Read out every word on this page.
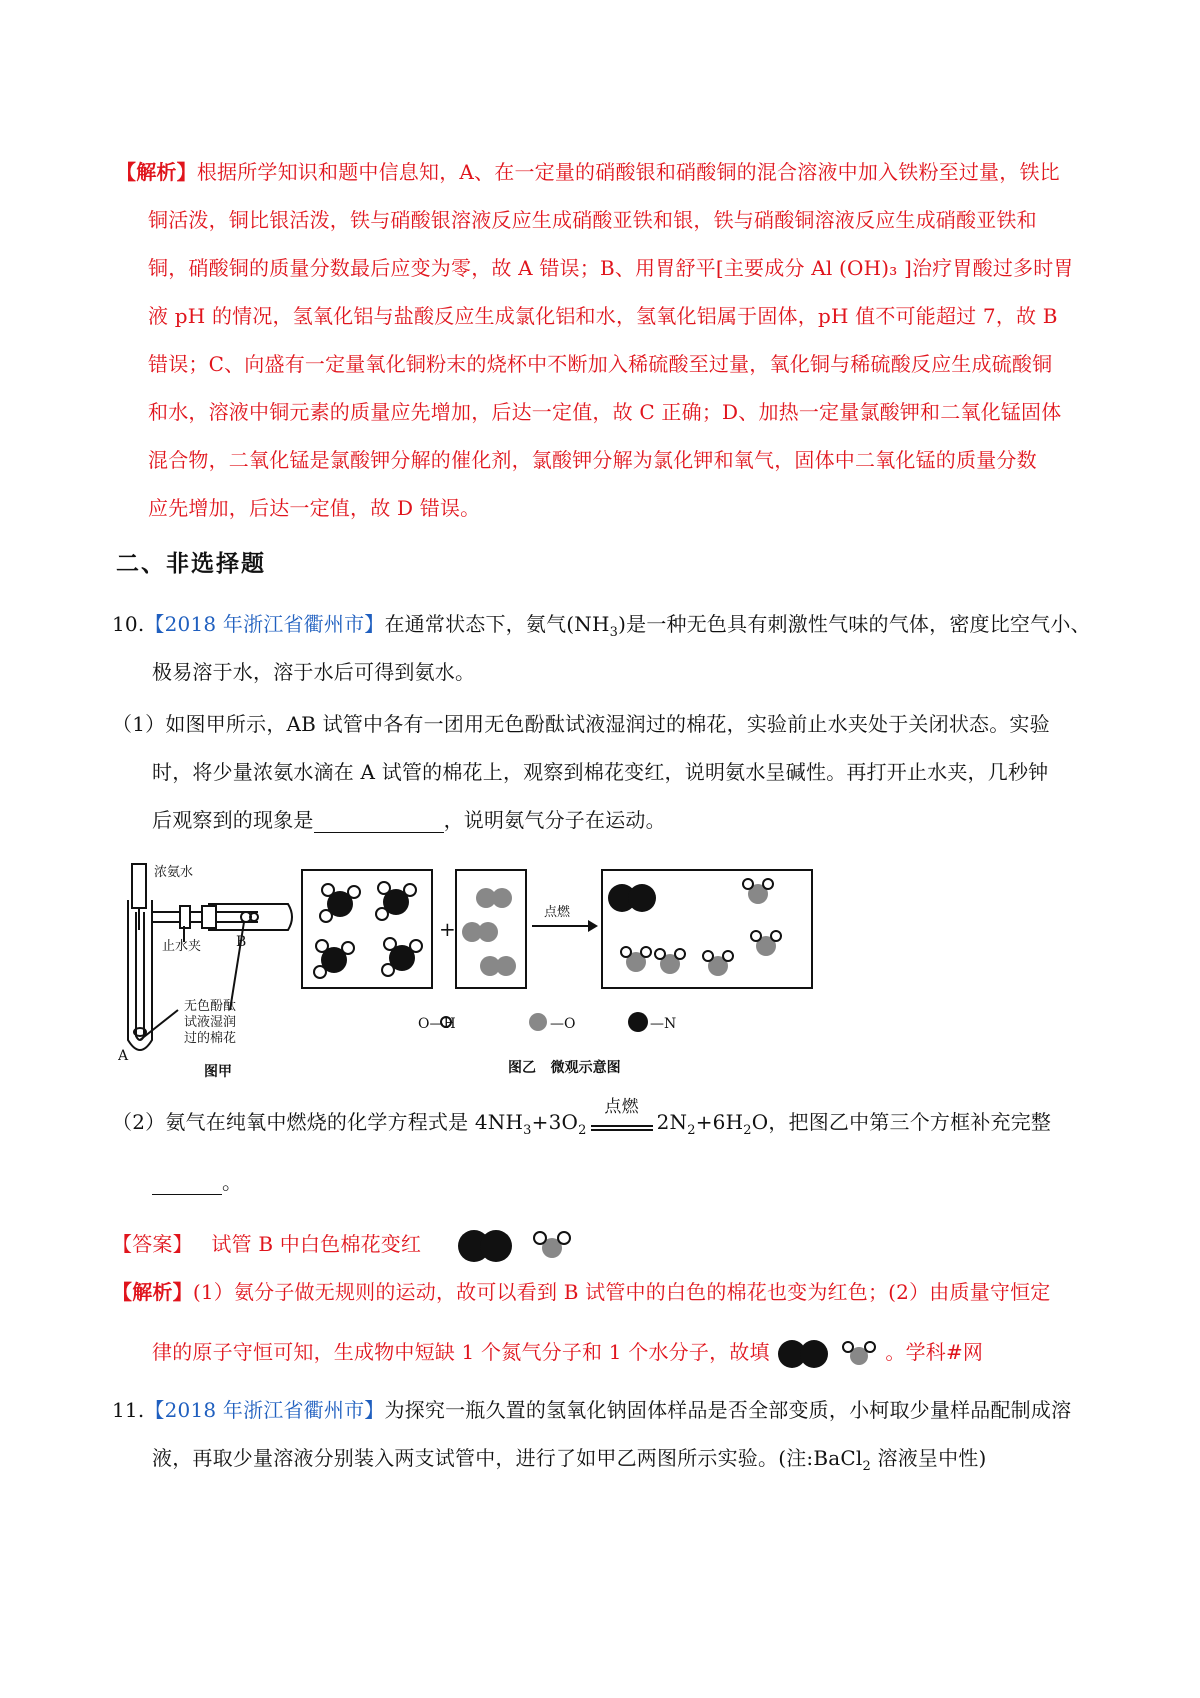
【解析】根据所学知识和题中信息知，A、在一定量的硝酸银和硝酸铜的混合溶液中加入铁粉至过量，铁比
铜活泼，铜比银活泼，铁与硝酸银溶液反应生成硝酸亚铁和银，铁与硝酸铜溶液反应生成硝酸亚铁和
铜，硝酸铜的质量分数最后应变为零，故 A 错误；B、用胃舒平[主要成分 Al (OH)₃ ]治疗胃酸过多时胃
液 pH 的情况，氢氧化铝与盐酸反应生成氯化铝和水，氢氧化铝属于固体，pH 值不可能超过 7，故 B
错误；C、向盛有一定量氧化铜粉末的烧杯中不断加入稀硫酸至过量，氧化铜与稀硫酸反应生成硫酸铜
和水，溶液中铜元素的质量应先增加，后达一定值，故 C 正确；D、加热一定量氯酸钾和二氧化锰固体
混合物，二氧化锰是氯酸钾分解的催化剂，氯酸钾分解为氯化钾和氧气，固体中二氧化锰的质量分数
应先增加，后达一定值，故 D 错误。
二、非选择题
10.【2018 年浙江省衢州市】在通常状态下，氨气$(NH_3)$是一种无色具有刺激性气味的气体，密度比空气小、
极易溶于水，溶于水后可得到氨水。
（1）如图甲所示，AB 试管中各有一团用无色酚酞试液湿润过的棉花，实验前止水夹处于关闭状态。实验
时，将少量浓氨水滴在 A 试管的棉花上，观察到棉花变红，说明氨水呈碱性。再打开止水夹，几秒钟
后观察到的现象是	，说明氨气分子在运动。
浓氨水
止水夹 B
A
无色酚酞
试液湿润
过的棉花
图甲
+
点燃
O—H	—O	—N
图乙   微观示意图
（2）氨气在纯氧中燃烧的化学方程式是 $4NH_3+3O_2$
点燃
$2N_2+6H_2O$，把图乙中第三个方框补充完整
。
【答案】 试管 B 中白色棉花变红
【解析】(1）氨分子做无规则的运动，故可以看到 B 试管中的白色的棉花也变为红色；(2）由质量守恒定
律的原子守恒可知，生成物中短缺 1 个氮气分子和 1 个水分子，故填	。学科#网
11.【2018 年浙江省衢州市】为探究一瓶久置的氢氧化钠固体样品是否全部变质，小柯取少量样品配制成溶
液，再取少量溶液分别装入两支试管中，进行了如甲乙两图所示实验。(注:BaCl$_2$ 溶液呈中性)
